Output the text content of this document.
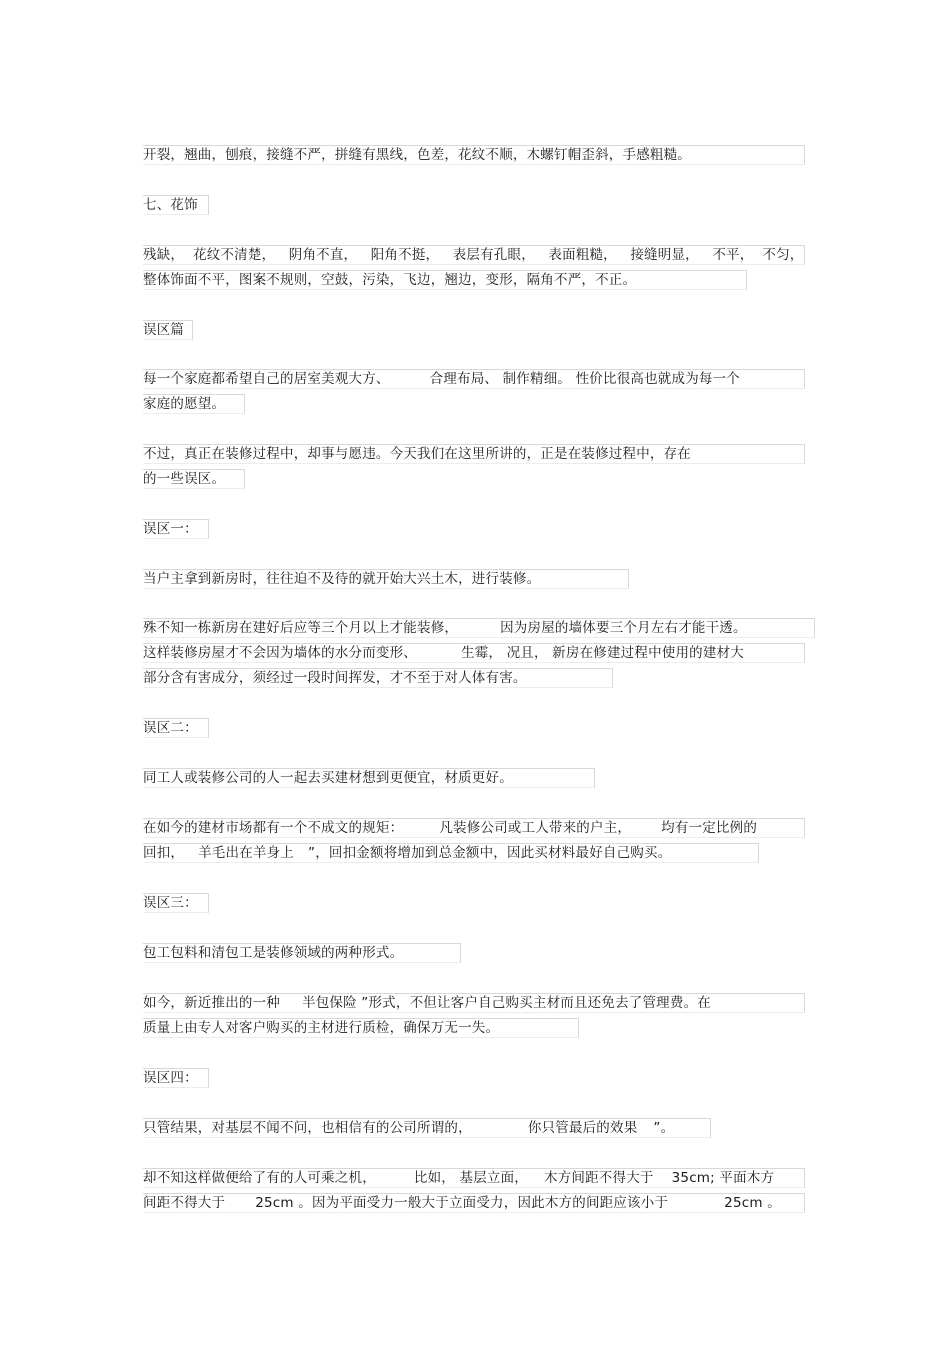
开裂，翘曲，刨痕，接缝不严，拼缝有黑线，色差，花纹不顺，木螺钉帽歪斜，手感粗糙。
七、花饰
残缺，  花纹不清楚，   阴角不直，   阳角不挺，   表层有孔眼，   表面粗糙，   接缝明显，   不平，  不匀，
整体饰面不平，图案不规则，空鼓，污染，飞边，翘边，变形，隔角不严，不正。
误区篇
每一个家庭都希望自己的居室美观大方、	合理布局、 制作精细。 性价比很高也就成为每一个
家庭的愿望。
不过，真正在装修过程中，却事与愿违。今天我们在这里所讲的，正是在装修过程中，存在
的一些误区。
误区一：
当户主拿到新房时，往往迫不及待的就开始大兴土木，进行装修。
殊不知一栋新房在建好后应等三个月以上才能装修，	因为房屋的墙体要三个月左右才能干透。
这样装修房屋才不会因为墙体的水分而变形、	生霉， 况且， 新房在修建过程中使用的建材大
部分含有害成分，须经过一段时间挥发，才不至于对人体有害。
误区二：
同工人或装修公司的人一起去买建材想到更便宜，材质更好。
在如今的建材市场都有一个不成文的规矩：	凡装修公司或工人带来的户主， 均有一定比例的
回扣， 羊毛出在羊身上 ”，回扣金额将增加到总金额中，因此买材料最好自己购买。
误区三：
包工包料和清包工是装修领域的两种形式。
如今，新近推出的一种 半包保险 ”形式，不但让客户自己购买主材而且还免去了管理费。在
质量上由专人对客户购买的主材进行质检，确保万无一失。
误区四：
只管结果，对基层不闻不问，也相信有的公司所谓的，	你只管最后的效果 ”。
却不知这样做便给了有的人可乘之机，	比如， 基层立面， 木方间距不得大于 35cm; 平面木方
间距不得大于 25cm 。因为平面受力一般大于立面受力，因此木方的间距应该小于	25cm 。
